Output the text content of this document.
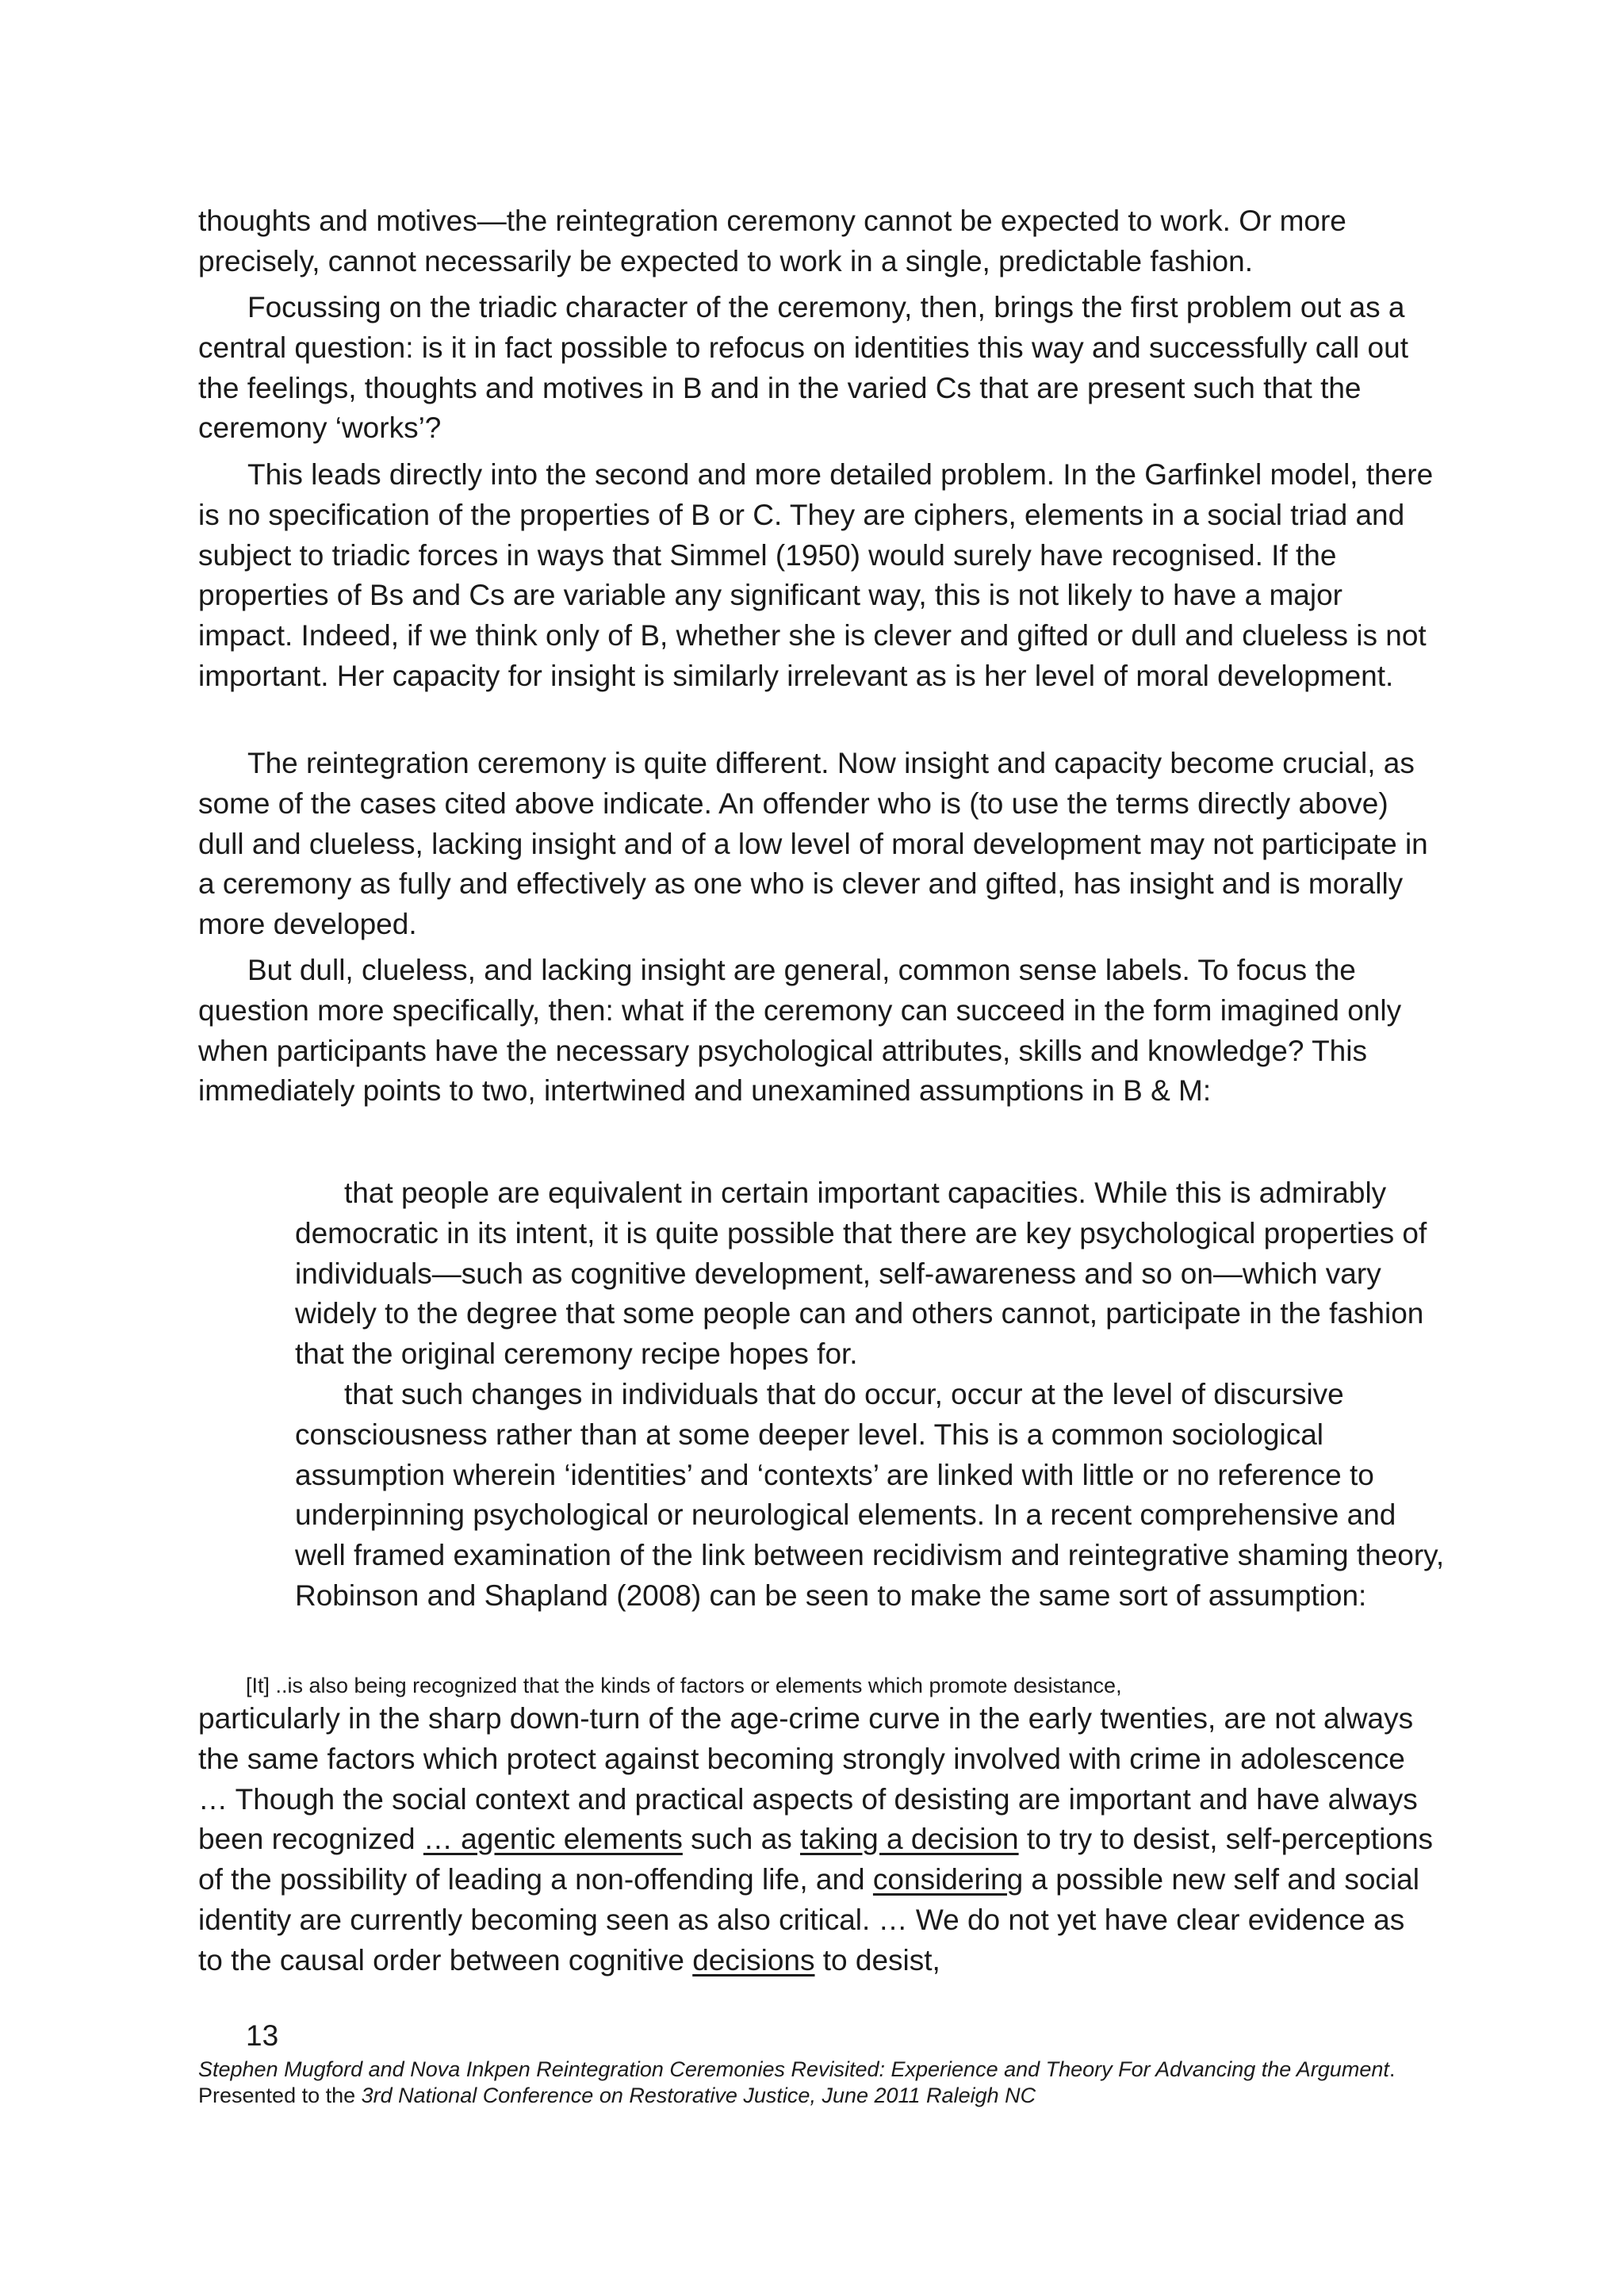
thoughts and motives—the reintegration ceremony cannot be expected to work. Or more precisely, cannot necessarily be expected to work in a single, predictable fashion.

Focussing on the triadic character of the ceremony, then, brings the first problem out as a central question: is it in fact possible to refocus on identities this way and successfully call out the feelings, thoughts and motives in B and in the varied Cs that are present such that the ceremony ‘works’?

This leads directly into the second and more detailed problem. In the Garfinkel model, there is no specification of the properties of B or C. They are ciphers, elements in a social triad and subject to triadic forces in ways that Simmel (1950) would surely have recognised. If the properties of Bs and Cs are variable any significant way, this is not likely to have a major impact. Indeed, if we think only of B, whether she is clever and gifted or dull and clueless is not important. Her capacity for insight is similarly irrelevant as is her level of moral development.

The reintegration ceremony is quite different. Now insight and capacity become crucial, as some of the cases cited above indicate. An offender who is (to use the terms directly above) dull and clueless, lacking insight and of a low level of moral development may not participate in a ceremony as fully and effectively as one who is clever and gifted, has insight and is morally more developed.

But dull, clueless, and lacking insight are general, common sense labels. To focus the question more specifically, then: what if the ceremony can succeed in the form imagined only when participants have the necessary psychological attributes, skills and knowledge? This immediately points to two, intertwined and unexamined assumptions in B & M:

that people are equivalent in certain important capacities. While this is admirably democratic in its intent, it is quite possible that there are key psychological properties of individuals—such as cognitive development, self-awareness and so on—which vary widely to the degree that some people can and others cannot, participate in the fashion that the original ceremony recipe hopes for.

that such changes in individuals that do occur, occur at the level of discursive consciousness rather than at some deeper level. This is a common sociological assumption wherein ‘identities’ and ‘contexts’ are linked with little or no reference to underpinning psychological or neurological elements. In a recent comprehensive and well framed examination of the link between recidivism and reintegrative shaming theory, Robinson and Shapland (2008) can be seen to make the same sort of assumption:

[It] ..is also being recognized that the kinds of factors or elements which promote desistance,

particularly in the sharp down-turn of the age-crime curve in the early twenties, are not always the same factors which protect against becoming strongly involved with crime in adolescence … Though the social context and practical aspects of desisting are important and have always been recognized … agentic elements such as taking a decision to try to desist, self-perceptions of the possibility of leading a non-offending life, and considering a possible new self and social identity are currently becoming seen as also critical. … We do not yet have clear evidence as to the causal order between cognitive decisions to desist,

13
Stephen Mugford and Nova Inkpen Reintegration Ceremonies Revisited: Experience and Theory For Advancing the Argument. Presented to the 3rd National Conference on Restorative Justice, June 2011 Raleigh NC
